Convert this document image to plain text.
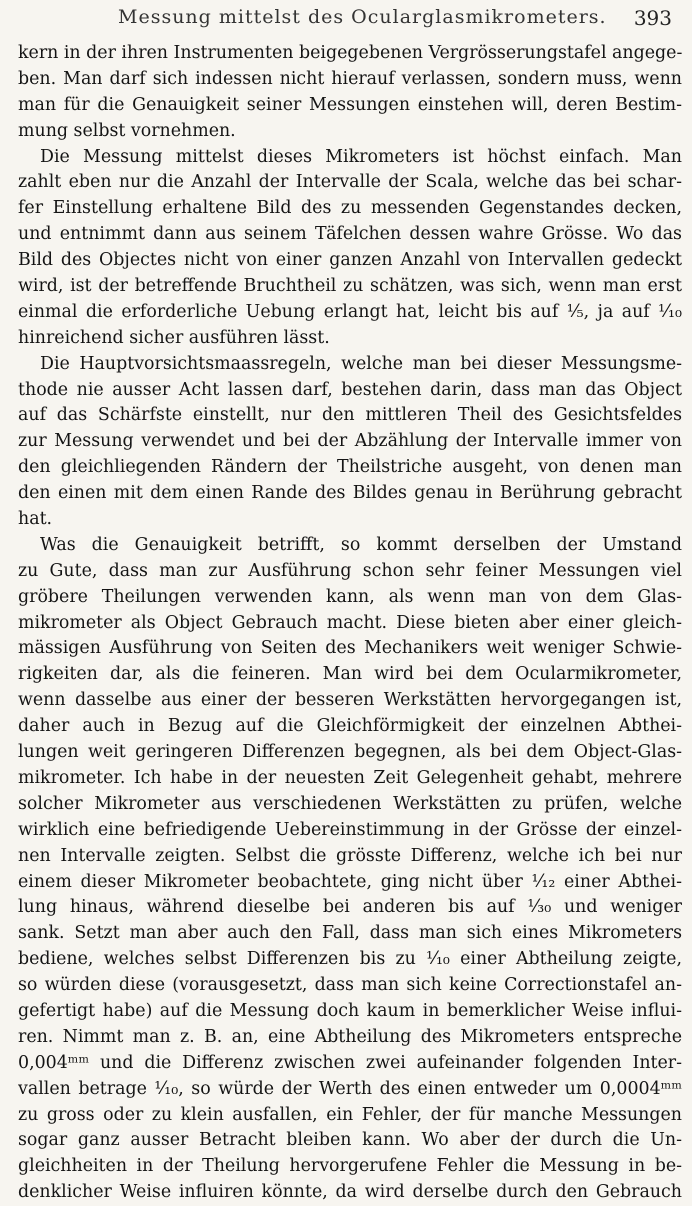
Messung mittelst des Ocularglasmikrometers. 393
kern in der ihren Instrumenten beigegebenen Vergrösserungstafel angege-
ben. Man darf sich indessen nicht hierauf verlassen, sondern muss, wenn
man für die Genauigkeit seiner Messungen einstehen will, deren Bestim-
mung selbst vornehmen.
Die Messung mittelst dieses Mikrometers ist höchst einfach. Man
zahlt eben nur die Anzahl der Intervalle der Scala, welche das bei schar-
fer Einstellung erhaltene Bild des zu messenden Gegenstandes decken,
und entnimmt dann aus seinem Täfelchen dessen wahre Grösse. Wo das
Bild des Objectes nicht von einer ganzen Anzahl von Intervallen gedeckt
wird, ist der betreffende Bruchtheil zu schätzen, was sich, wenn man erst
einmal die erforderliche Uebung erlangt hat, leicht bis auf ¹⁄₅, ja auf ¹⁄₁₀
hinreichend sicher ausführen lässt.
Die Hauptvorsichtsmaassregeln, welche man bei dieser Messungsme-
thode nie ausser Acht lassen darf, bestehen darin, dass man das Object
auf das Schärfste einstellt, nur den mittleren Theil des Gesichtsfeldes
zur Messung verwendet und bei der Abzählung der Intervalle immer von
den gleichliegenden Rändern der Theilstriche ausgeht, von denen man
den einen mit dem einen Rande des Bildes genau in Berührung gebracht
hat.
Was die Genauigkeit betrifft, so kommt derselben der Umstand
zu Gute, dass man zur Ausführung schon sehr feiner Messungen viel
gröbere Theilungen verwenden kann, als wenn man von dem Glas-
mikrometer als Object Gebrauch macht. Diese bieten aber einer gleich-
mässigen Ausführung von Seiten des Mechanikers weit weniger Schwie-
rigkeiten dar, als die feineren. Man wird bei dem Ocularmikrometer,
wenn dasselbe aus einer der besseren Werkstätten hervorgegangen ist,
daher auch in Bezug auf die Gleichförmigkeit der einzelnen Abthei-
lungen weit geringeren Differenzen begegnen, als bei dem Object-Glas-
mikrometer. Ich habe in der neuesten Zeit Gelegenheit gehabt, mehrere
solcher Mikrometer aus verschiedenen Werkstätten zu prüfen, welche
wirklich eine befriedigende Uebereinstimmung in der Grösse der einzel-
nen Intervalle zeigten. Selbst die grösste Differenz, welche ich bei nur
einem dieser Mikrometer beobachtete, ging nicht über ¹⁄₁₂ einer Abthei-
lung hinaus, während dieselbe bei anderen bis auf ¹⁄₃₀ und weniger
sank. Setzt man aber auch den Fall, dass man sich eines Mikrometers
bediene, welches selbst Differenzen bis zu ¹⁄₁₀ einer Abtheilung zeigte,
so würden diese (vorausgesetzt, dass man sich keine Correctionstafel an-
gefertigt habe) auf die Messung doch kaum in bemerklicher Weise influi-
ren. Nimmt man z. B. an, eine Abtheilung des Mikrometers entspreche
0,004ᵐᵐ und die Differenz zwischen zwei aufeinander folgenden Inter-
vallen betrage ¹⁄₁₀, so würde der Werth des einen entweder um 0,0004ᵐᵐ
zu gross oder zu klein ausfallen, ein Fehler, der für manche Messungen
sogar ganz ausser Betracht bleiben kann. Wo aber der durch die Un-
gleichheiten in der Theilung hervorgerufene Fehler die Messung in be-
denklicher Weise influiren könnte, da wird derselbe durch den Gebrauch
